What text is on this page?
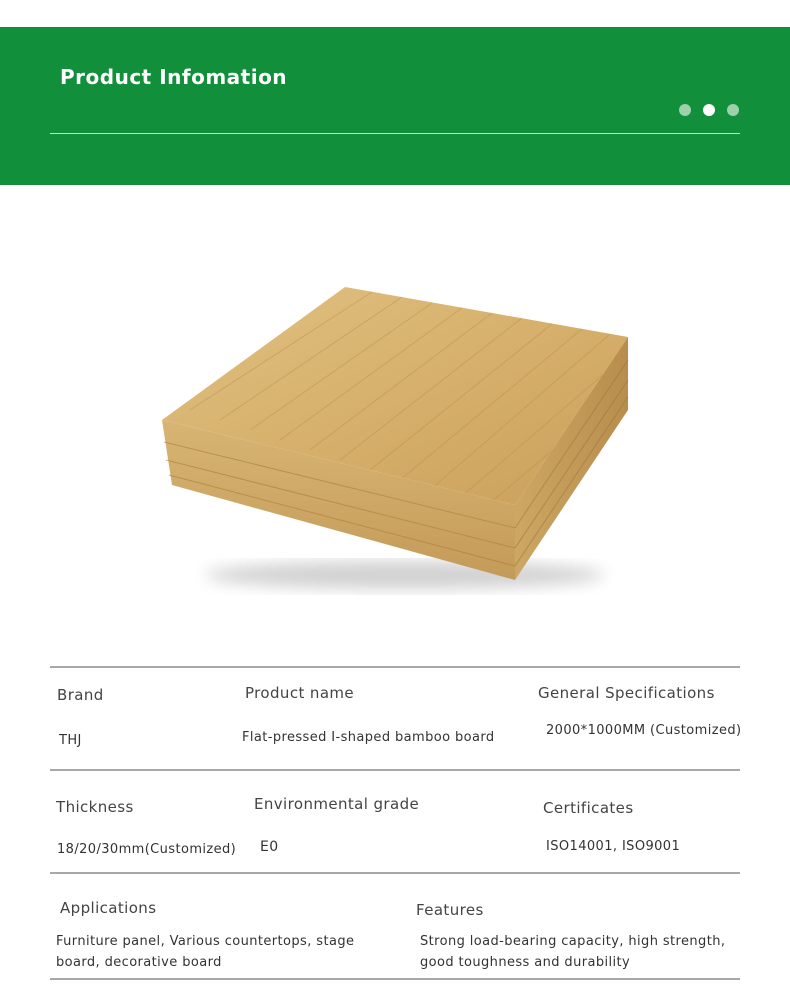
Product Infomation
Brand
THJ
Product name
Flat-pressed I-shaped bamboo board
General Specifications
2000*1000MM (Customized)
Thickness
18/20/30mm(Customized)
Environmental grade
E0
Certificates
ISO14001, ISO9001
Applications
Furniture panel, Various countertops, stage board, decorative board
Features
Strong load-bearing capacity, high strength, good toughness and durability
